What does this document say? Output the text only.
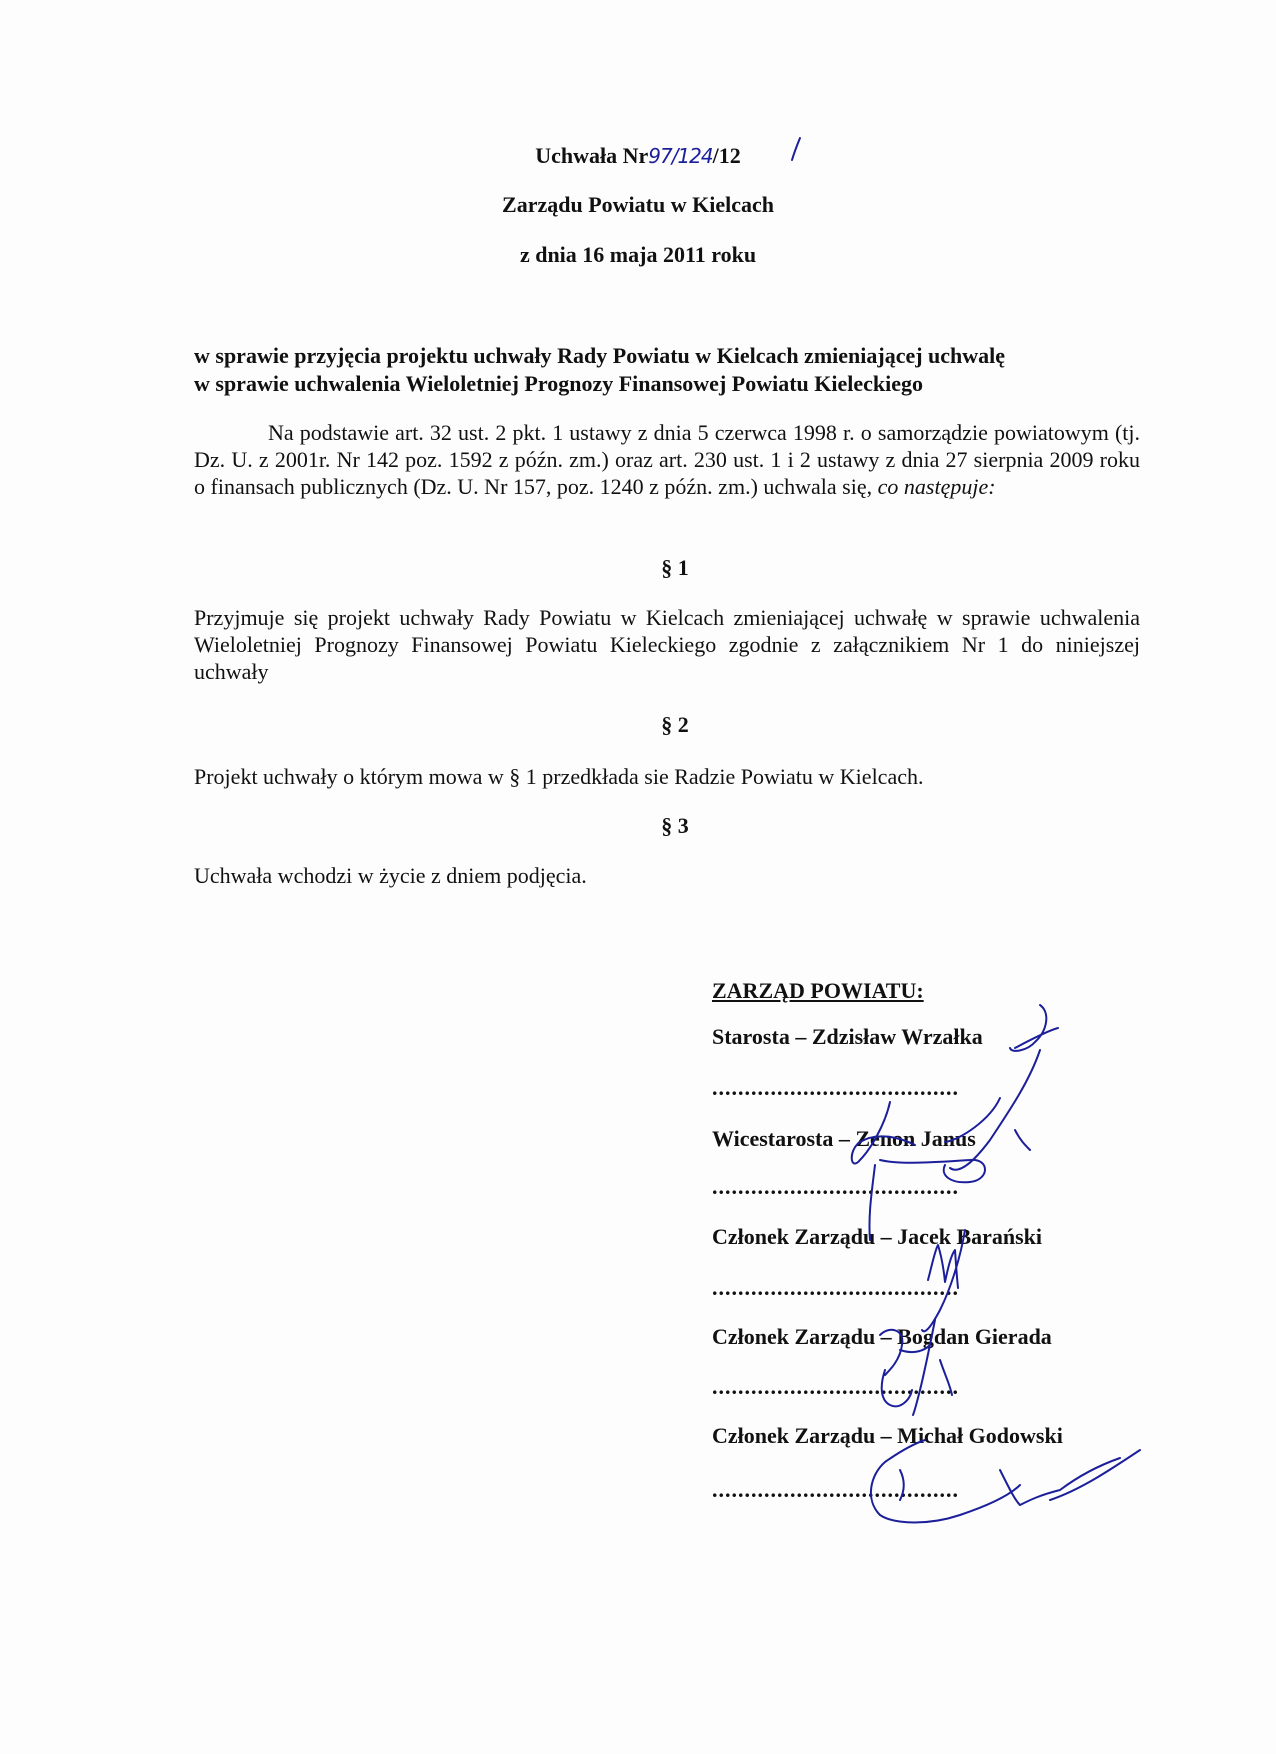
Uchwała Nr97/124/12
Zarządu Powiatu w Kielcach
z dnia 16 maja 2011 roku
w sprawie przyjęcia projektu uchwały Rady Powiatu w Kielcach zmieniającej uchwalę
w sprawie uchwalenia Wieloletniej Prognozy Finansowej Powiatu Kieleckiego
Na podstawie art. 32 ust. 2 pkt. 1 ustawy z dnia 5 czerwca 1998 r. o samorządzie powiatowym (tj. Dz. U. z 2001r. Nr 142 poz. 1592 z późn. zm.) oraz art. 230 ust. 1 i 2 ustawy z dnia 27 sierpnia 2009 roku o finansach publicznych (Dz. U. Nr 157, poz. 1240 z późn. zm.) uchwala się, co następuje:
§ 1
Przyjmuje się projekt uchwały Rady Powiatu w Kielcach zmieniającej uchwałę w sprawie uchwalenia Wieloletniej Prognozy Finansowej Powiatu Kieleckiego zgodnie z załącznikiem Nr 1 do niniejszej uchwały
§ 2
Projekt uchwały o którym mowa w § 1 przedkłada sie Radzie Powiatu w Kielcach.
§ 3
Uchwała wchodzi w życie z dniem podjęcia.
ZARZĄD POWIATU:
Starosta – Zdzisław Wrzałka
......................................
Wicestarosta – Zenon Janus
......................................
Członek Zarządu – Jacek Barański
......................................
Członek Zarządu – Bogdan Gierada
......................................
Członek Zarządu – Michał Godowski
......................................
